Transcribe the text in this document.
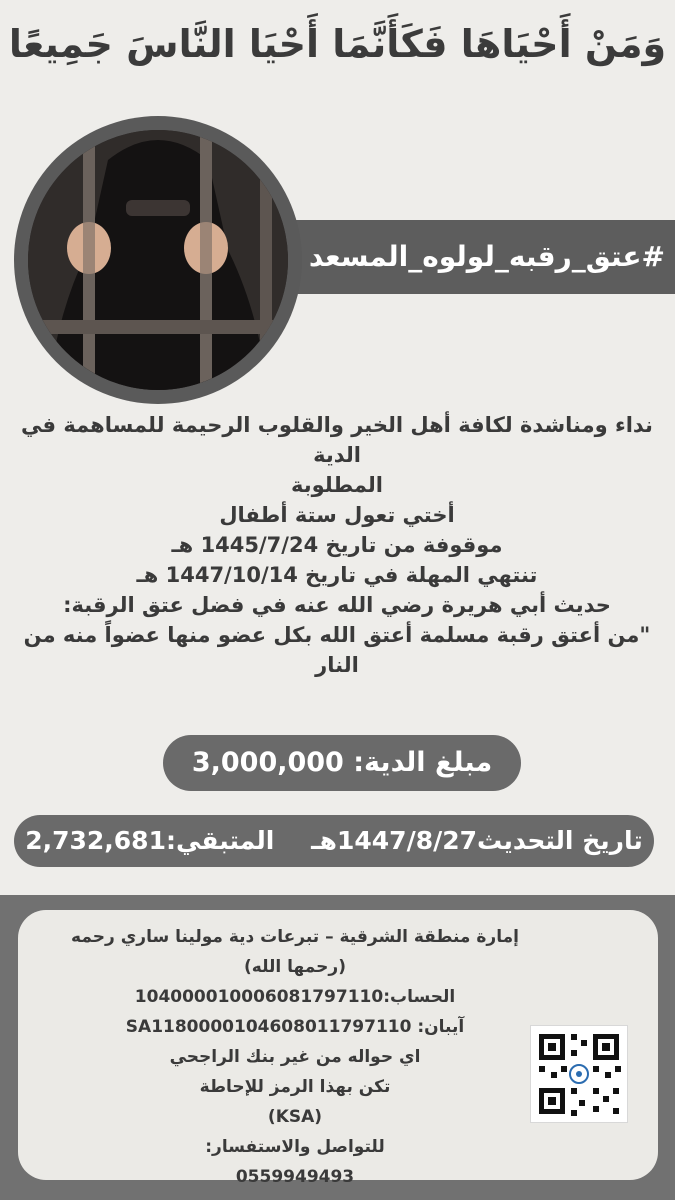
وَمَنْ أَحْيَاهَا فَكَأَنَّمَا أَحْيَا النَّاسَ جَمِيعًا
#عتق_رقبه_لولوه_المسعد
نداء ومناشدة لكافة أهل الخير والقلوب الرحيمة للمساهمة في الدية
المطلوبة
أختي تعول ستة أطفال
موقوفة من تاريخ 1445/7/24 هـ
تنتهي المهلة في تاريخ 1447/10/14 هـ
حديث أبي هريرة رضي الله عنه في فضل عتق الرقبة:
"من أعتق رقبة مسلمة أعتق الله بكل عضو منها عضواً منه من النار
مبلغ الدية: 3,000,000
تاريخ التحديث1447/8/27هـ المتبقي:2,732,681
إمارة منطقة الشرقية – تبرعات دية مولينا ساري رحمه (رحمها الله)
الحساب:104000010006081797110
آيبان: SA1180000104608011797110
اي حواله من غير بنك الراجحي
تكن بهذا الرمز للإحاطة
(KSA)
للتواصل والاستفسار:
0559949493
